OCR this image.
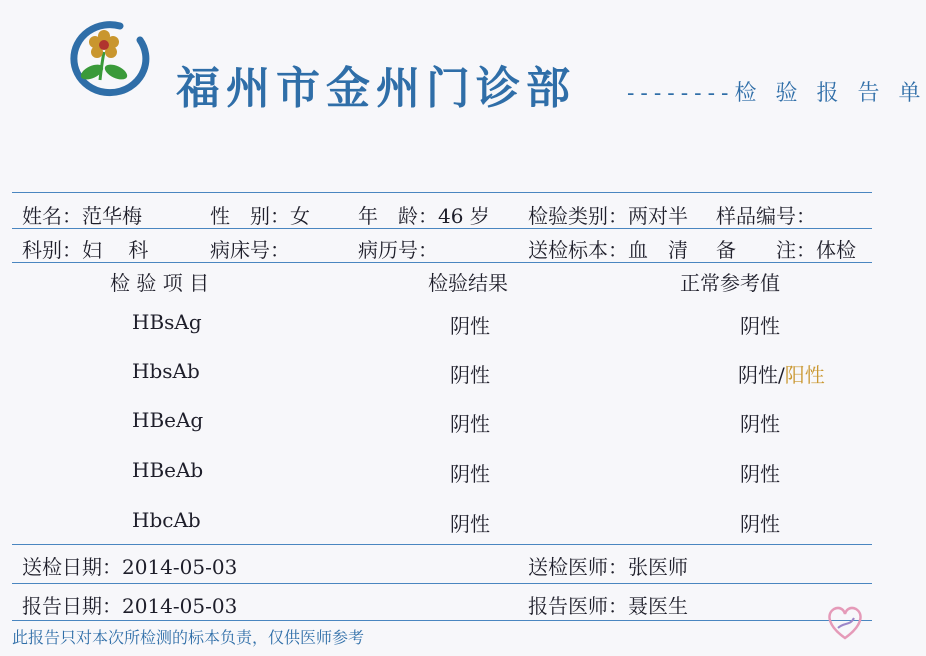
福州市金州门诊部 --------检 验 报 告 单
姓名：范华梅	性　别：女 年　龄：46 岁 检验类别：两对半 样品编号：
科别：妇　 科	病床号：	病历号：	送检标本：血　清 备　　注：体检
检 验 项 目	检验结果	正常参考值
HBsAg	阴性	阴性
HbsAb	阴性	阴性/阳性
HBeAg	阴性	阴性
HBeAb	阴性	阴性
HbcAb	阴性	阴性
送检日期：2014-05-03	送检医师：张医师
报告日期：2014-05-03	报告医师：聂医生
此报告只对本次所检测的标本负责，仅供医师参考
